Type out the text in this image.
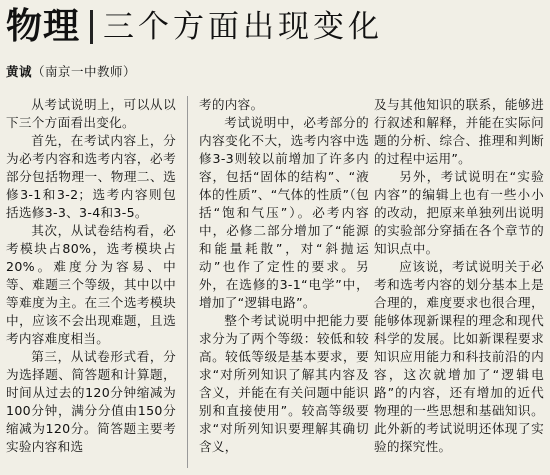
物理 三个方面出现变化
黄诚（南京一中教师）

从考试说明上，可以从以下三个方面看出变化。

首先，在考试内容上，分为必考内容和选考内容，必考部分包括物理一、物理二、选修3-1和3-2；选考内容则包括选修3-3、3-4和3-5。

其次，从试卷结构看，必考模块占80%，选考模块占20%。难度分为容易、中等、难题三个等级，其中以中等难度为主。在三个选考模块中，应该不会出现难题，且选考内容难度相当。

第三，从试卷形式看，分为选择题、简答题和计算题，时间从过去的120分钟缩减为100分钟，满分分值由150分缩减为120分。简答题主要考实验内容和选

考的内容。

考试说明中，必考部分的内容变化不大，选考内容中选修3-3则较以前增加了许多内容，包括“固体的结构”、“液体的性质”、“气体的性质”（包括“饱和气压”）。必考内容中，必修二部分增加了“能源和能量耗散”，对“斜抛运动”也作了定性的要求。另外，在选修的3-1“电学”中，增加了“逻辑电路”。

整个考试说明中把能力要求分为了两个等级：较低和较高。较低等级是基本要求，要求“对所列知识了解其内容及含义，并能在有关问题中能识别和直接使用”。较高等级要求“对所列知识要理解其确切含义，

及与其他知识的联系，能够进行叙述和解释，并能在实际问题的分析、综合、推理和判断的过程中运用”。

另外，考试说明在“实验内容”的编辑上也有一些小小的改动，把原来单独列出说明的实验部分穿插在各个章节的知识点中。

应该说，考试说明关于必考和选考内容的划分基本上是合理的，难度要求也很合理，能够体现新课程的理念和现代科学的发展。比如新课程要求知识应用能力和科技前沿的内容，这次就增加了“逻辑电路”的内容，还有增加的近代物理的一些思想和基础知识。此外新的考试说明还体现了实验的探究性。
